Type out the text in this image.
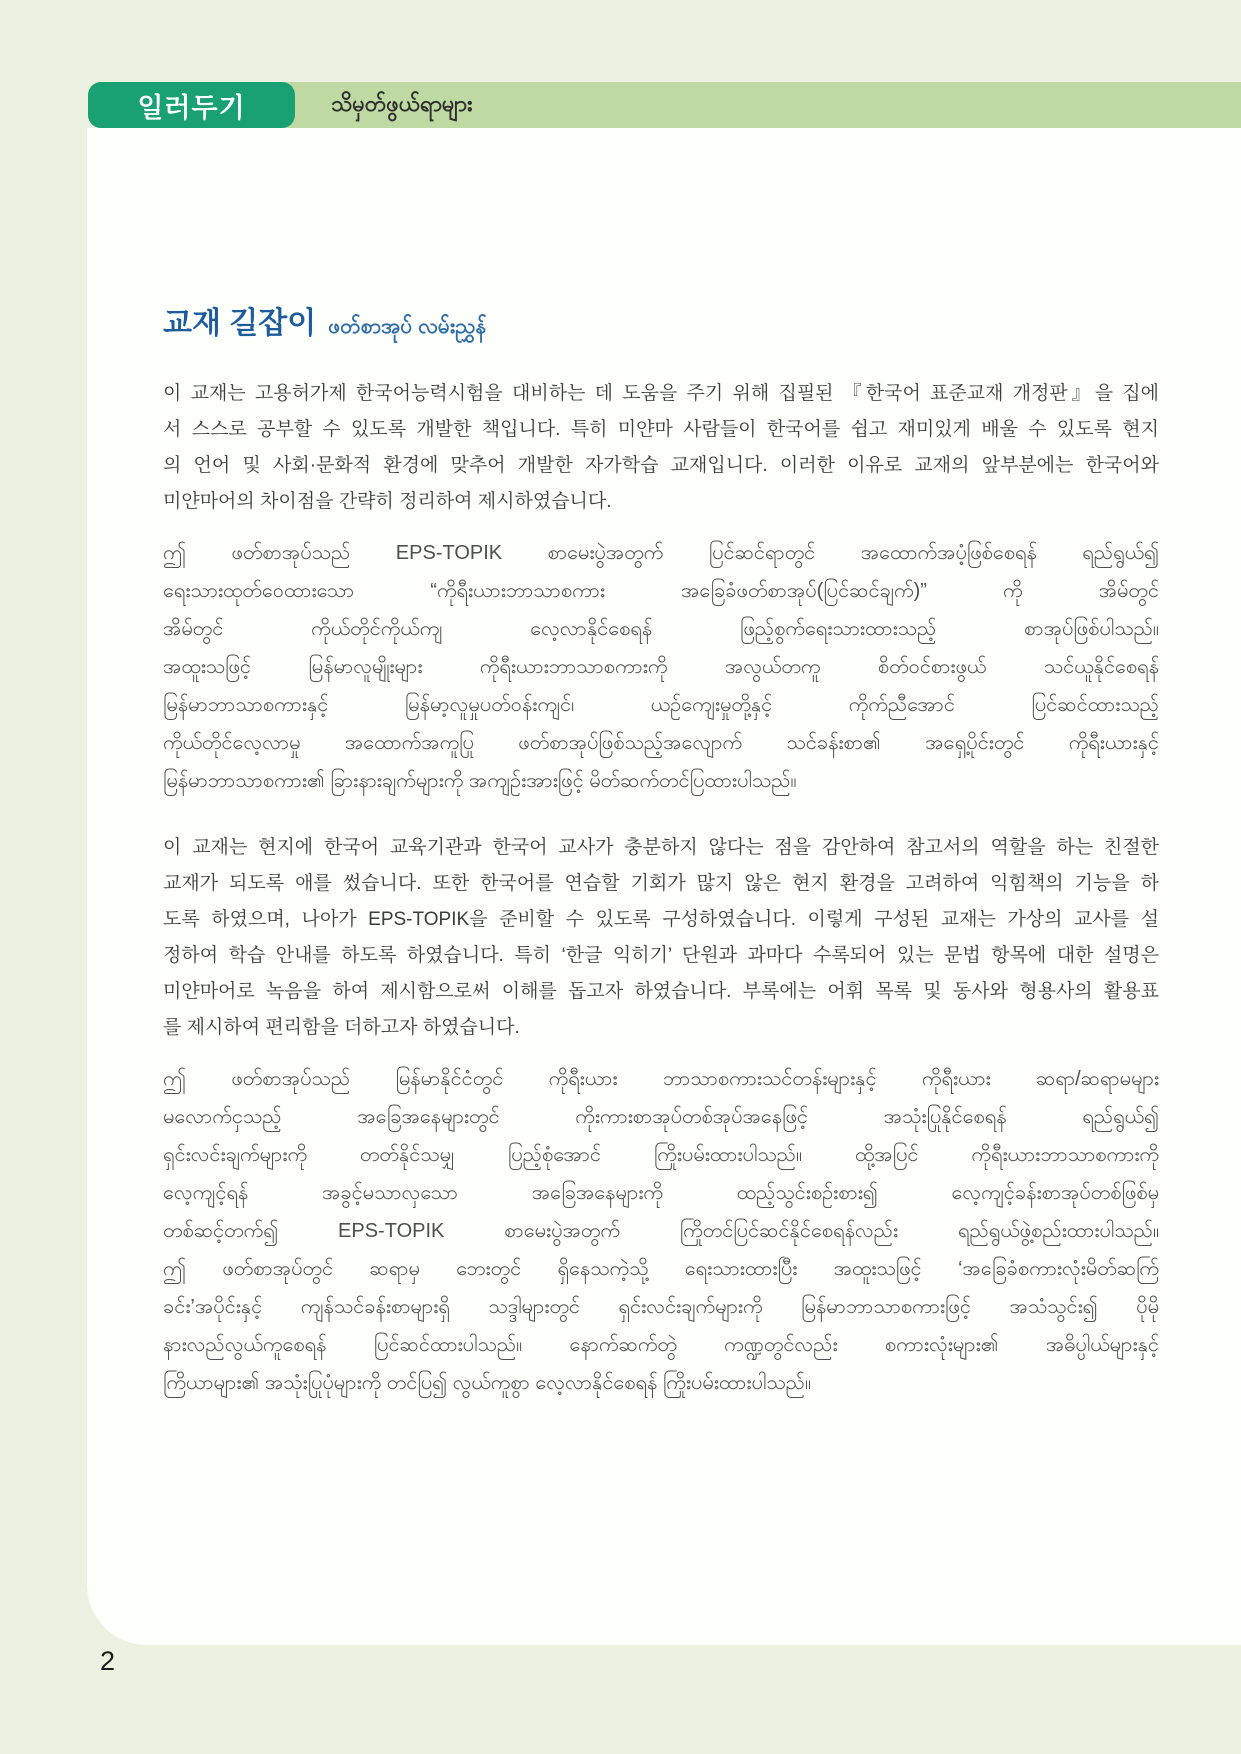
일러두기	သိမှတ်ဖွယ်ရာများ
교재 길잡이 ဖတ်စာအုပ် လမ်းညွှန်
이 교재는 고용허가제 한국어능력시험을 대비하는 데 도움을 주기 위해 집필된 『한국어 표준교재 개정판』을 집에
서 스스로 공부할 수 있도록 개발한 책입니다. 특히 미얀마 사람들이 한국어를 쉽고 재미있게 배울 수 있도록 현지
의 언어 및 사회·문화적 환경에 맞추어 개발한 자가학습 교재입니다. 이러한 이유로 교재의 앞부분에는 한국어와
미얀마어의 차이점을 간략히 정리하여 제시하였습니다.
ဤ ဖတ်စာအုပ်သည် EPS-TOPIK စာမေးပွဲအတွက် ပြင်ဆင်ရာတွင် အထောက်အပံ့ဖြစ်စေရန် ရည်ရွယ်၍
ရေးသားထုတ်ဝေထားသော “ကိုရီးယားဘာသာစကား အခြေခံဖတ်စာအုပ်(ပြင်ဆင်ချက်)” ကို အိမ်တွင်
အိမ်တွင် ကိုယ်တိုင်ကိုယ်ကျ လေ့လာနိုင်စေရန် ဖြည့်စွက်ရေးသားထားသည့် စာအုပ်ဖြစ်ပါသည်။
အထူးသဖြင့် မြန်မာလူမျိုးများ ကိုရီးယားဘာသာစကားကို အလွယ်တကူ စိတ်ဝင်စားဖွယ် သင်ယူနိုင်စေရန်
မြန်မာဘာသာစကားနှင့် မြန်မာ့လူမှုပတ်ဝန်းကျင်၊ ယဉ်ကျေးမှုတို့နှင့် ကိုက်ညီအောင် ပြင်ဆင်ထားသည့်
ကိုယ်တိုင်လေ့လာမှု အထောက်အကူပြု ဖတ်စာအုပ်ဖြစ်သည့်အလျောက် သင်ခန်းစာ၏ အရှေ့ပိုင်းတွင် ကိုရီးယားနှင့်
မြန်မာဘာသာစကား၏ ခြားနားချက်များကို အကျဉ်းအားဖြင့် မိတ်ဆက်တင်ပြထားပါသည်။
이 교재는 현지에 한국어 교육기관과 한국어 교사가 충분하지 않다는 점을 감안하여 참고서의 역할을 하는 친절한
교재가 되도록 애를 썼습니다. 또한 한국어를 연습할 기회가 많지 않은 현지 환경을 고려하여 익힘책의 기능을 하
도록 하였으며, 나아가 EPS-TOPIK을 준비할 수 있도록 구성하였습니다. 이렇게 구성된 교재는 가상의 교사를 설
정하여 학습 안내를 하도록 하였습니다. 특히 ‘한글 익히기’ 단원과 과마다 수록되어 있는 문법 항목에 대한 설명은
미얀마어로 녹음을 하여 제시함으로써 이해를 돕고자 하였습니다. 부록에는 어휘 목록 및 동사와 형용사의 활용표
를 제시하여 편리함을 더하고자 하였습니다.
ဤ ဖတ်စာအုပ်သည် မြန်မာနိုင်ငံတွင် ကိုရီးယား ဘာသာစကားသင်တန်းများနှင့် ကိုရီးယား ဆရာ/ဆရာမများ
မလောက်ငှသည့် အခြေအနေများတွင် ကိုးကားစာအုပ်တစ်အုပ်အနေဖြင့် အသုံးပြုနိုင်စေရန် ရည်ရွယ်၍
ရှင်းလင်းချက်များကို တတ်နိုင်သမျှ ပြည့်စုံအောင် ကြိုးပမ်းထားပါသည်။ ထို့အပြင် ကိုရီးယားဘာသာစကားကို
လေ့ကျင့်ရန် အခွင့်မသာလှသော အခြေအနေများကို ထည့်သွင်းစဉ်းစား၍ လေ့ကျင့်ခန်းစာအုပ်တစ်ဖြစ်မှ
တစ်ဆင့်တက်၍ EPS-TOPIK စာမေးပွဲအတွက် ကြိုတင်ပြင်ဆင်နိုင်စေရန်လည်း ရည်ရွယ်ဖွဲ့စည်းထားပါသည်။
ဤ ဖတ်စာအုပ်တွင် ဆရာမှ ဘေးတွင် ရှိနေသကဲ့သို့ ရေးသားထားပြီး အထူးသဖြင့် ‘အခြေခံစကားလုံးမိတ်ဆက်ြ
ခင်း’အပိုင်းနှင့် ကျန်သင်ခန်းစာများရှိ သဒ္ဒါများတွင် ရှင်းလင်းချက်များကို မြန်မာဘာသာစကားဖြင့် အသံသွင်း၍ ပိုမို
နားလည်လွယ်ကူစေရန် ပြင်ဆင်ထားပါသည်။ နောက်ဆက်တွဲ ကဏ္ဍတွင်လည်း စကားလုံးများ၏ အဓိပ္ပါယ်များနှင့်
ကြိယာများ၏ အသုံးပြုပုံများကို တင်ပြ၍ လွယ်ကူစွာ လေ့လာနိုင်စေရန် ကြိုးပမ်းထားပါသည်။
2
